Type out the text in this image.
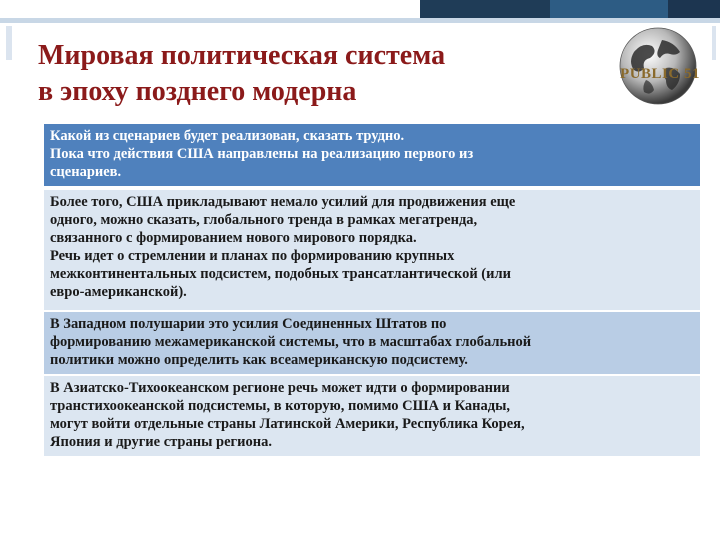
Мировая политическая система
в эпоху позднего модерна
PUBLIC 51

Какой из сценариев будет реализован, сказать трудно.

Пока что действия США направлены на реализацию первого из

сценариев.

Более того, США прикладывают немало усилий для продвижения еще

одного, можно сказать, глобального тренда в рамках мегатренда,

связанного с формированием нового мирового порядка.

Речь идет о стремлении и планах по формированию крупных

межконтинентальных подсистем, подобных трансатлантической (или

евро-американской).

В Западном полушарии это усилия Соединенных Штатов по

формированию межамериканской системы, что в масштабах глобальной

политики можно определить как всеамериканскую подсистему.

В Азиатско-Тихоокеанском регионе речь может идти о формировании

транстихоокеанской подсистемы, в которую, помимо США и Канады,

могут войти отдельные страны Латинской Америки, Республика Корея,

Япония и другие страны региона.
